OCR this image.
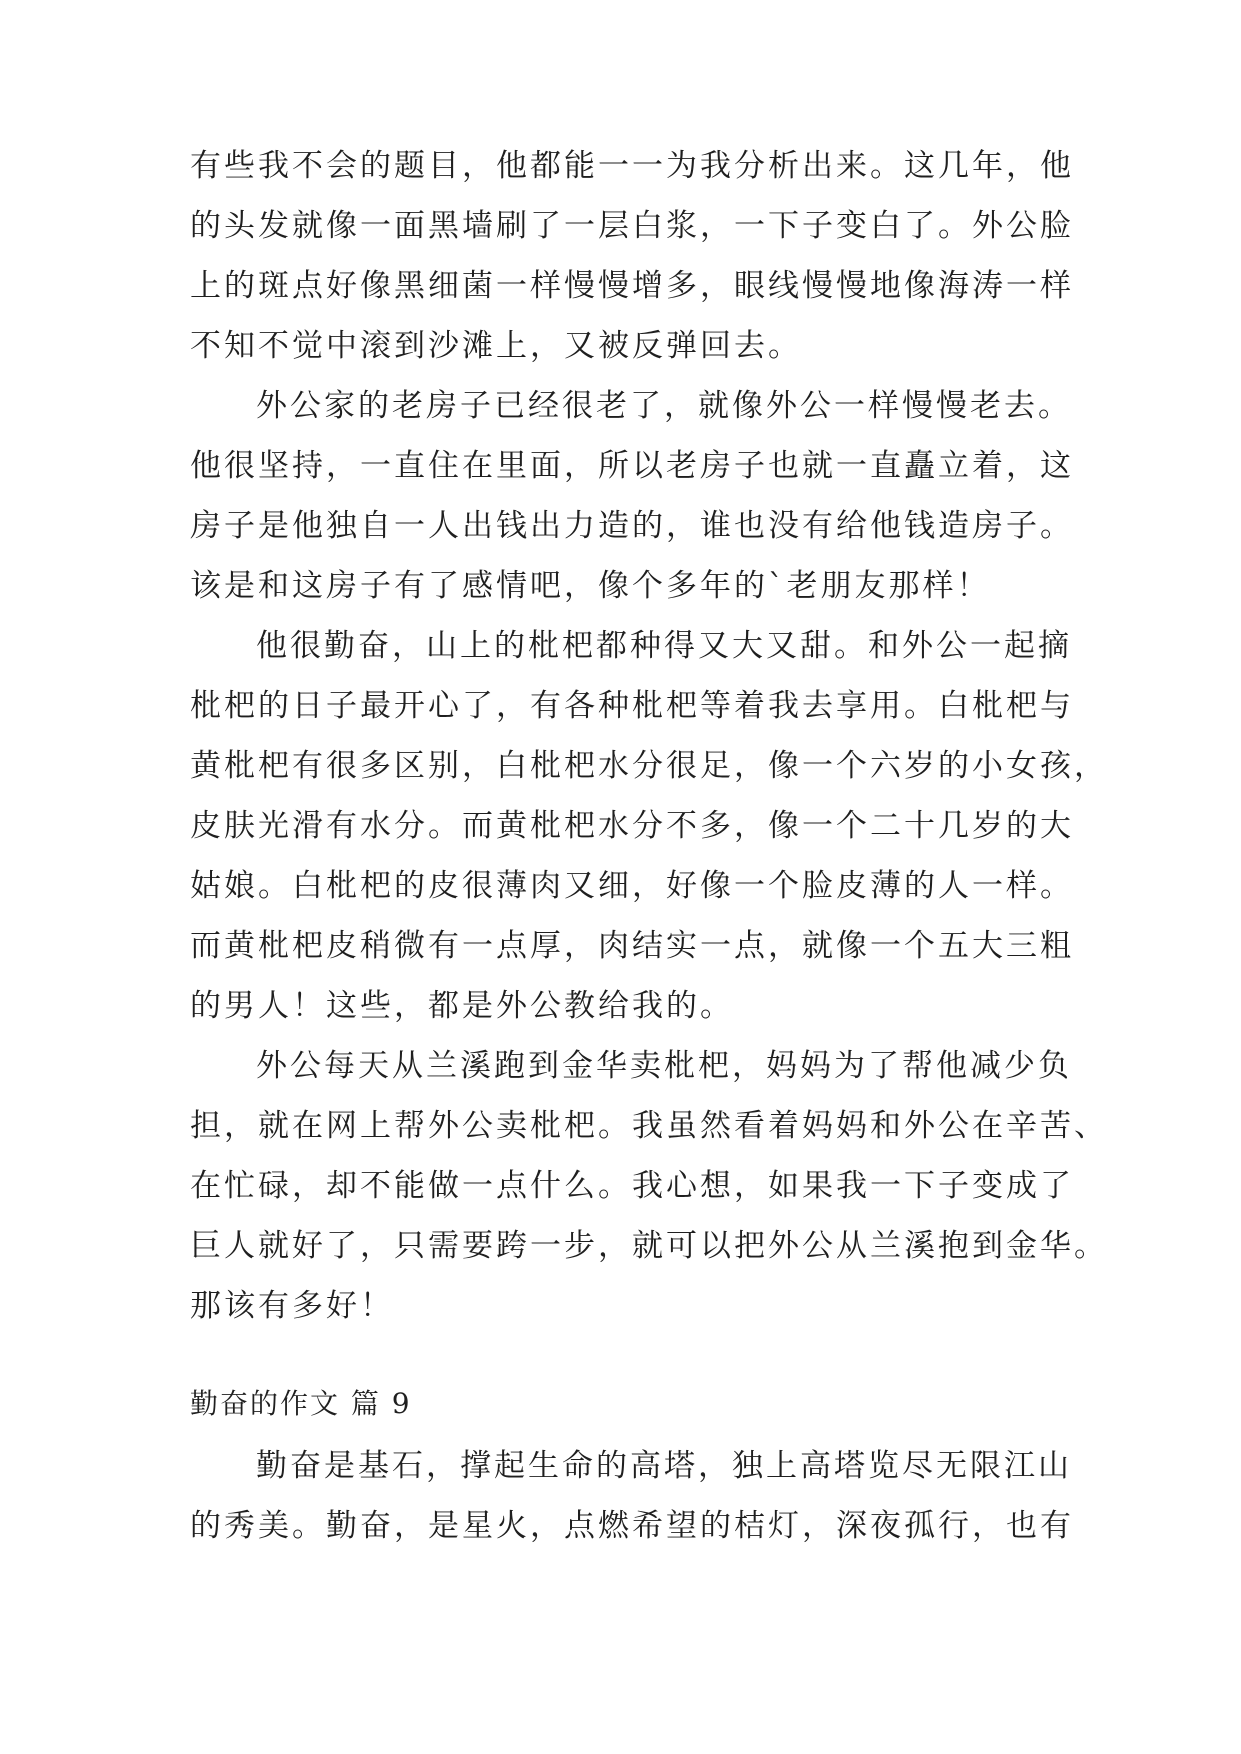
有些我不会的题目，他都能一一为我分析出来。这几年，他
的头发就像一面黑墙刷了一层白浆，一下子变白了。外公脸
上的斑点好像黑细菌一样慢慢增多，眼线慢慢地像海涛一样
不知不觉中滚到沙滩上，又被反弹回去。
外公家的老房子已经很老了，就像外公一样慢慢老去。
他很坚持，一直住在里面，所以老房子也就一直矗立着，这
房子是他独自一人出钱出力造的，谁也没有给他钱造房子。
该是和这房子有了感情吧，像个多年的`老朋友那样！
他很勤奋，山上的枇杷都种得又大又甜。和外公一起摘
枇杷的日子最开心了，有各种枇杷等着我去享用。白枇杷与
黄枇杷有很多区别，白枇杷水分很足，像一个六岁的小女孩，
皮肤光滑有水分。而黄枇杷水分不多，像一个二十几岁的大
姑娘。白枇杷的皮很薄肉又细，好像一个脸皮薄的人一样。
而黄枇杷皮稍微有一点厚，肉结实一点，就像一个五大三粗
的男人！这些，都是外公教给我的。
外公每天从兰溪跑到金华卖枇杷，妈妈为了帮他减少负
担，就在网上帮外公卖枇杷。我虽然看着妈妈和外公在辛苦、
在忙碌，却不能做一点什么。我心想，如果我一下子变成了
巨人就好了，只需要跨一步，就可以把外公从兰溪抱到金华。
那该有多好！
勤奋的作文 篇 9
勤奋是基石，撑起生命的高塔，独上高塔览尽无限江山
的秀美。勤奋，是星火，点燃希望的桔灯，深夜孤行，也有
